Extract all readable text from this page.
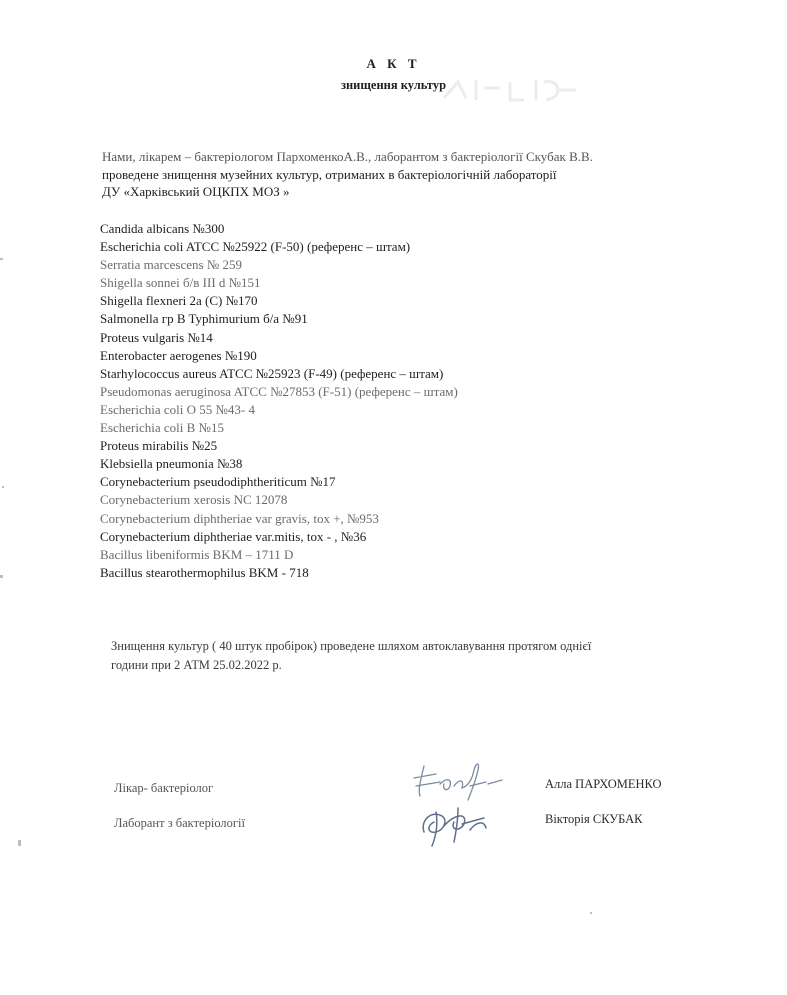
А К Т
знищення культур
Нами, лікарем – бактеріологом ПархоменкоА.В., лаборантом з бактеріології Скубак В.В.
проведене знищення музейних культур, отриманих в бактеріологічній лабораторії
ДУ «Харківський ОЦКПХ МОЗ »
Candida albicans №300
Escherichia coli ATCC №25922 (F-50) (референс – штам)
Serratia marcescens № 259
Shigella sonnei б/в III d №151
Shigella flexneri 2a (C) №170
Salmonella гр B Typhimurium б/а №91
Proteus vulgaris №14
Enterobacter aerogenes №190
Starhylococcus aureus ATCC №25923 (F-49) (референс – штам)
Pseudomonas aeruginosa ATCC №27853 (F-51) (референс – штам)
Escherichia coli O 55 №43- 4
Escherichia coli B №15
Proteus mirabilis №25
Klebsiella pneumonia №38
Corynebacterium pseudodiphtheriticum №17
Corynebacterium xerosis NC 12078
Corynebacterium diphtheriae var gravis, tox +, №953
Corynebacterium diphtheriae var.mitis, tox - , №36
Bacillus libeniformis BKM – 1711 D
Bacillus stearothermophilus BKM - 718
Знищення культур ( 40 штук пробірок) проведене шляхом автоклавування протягом однієї
години при 2 АТМ 25.02.2022 р.
Лікар- бактеріолог	Алла ПАРХОМЕНКО
Лаборант з бактеріології	Вікторія СКУБАК
